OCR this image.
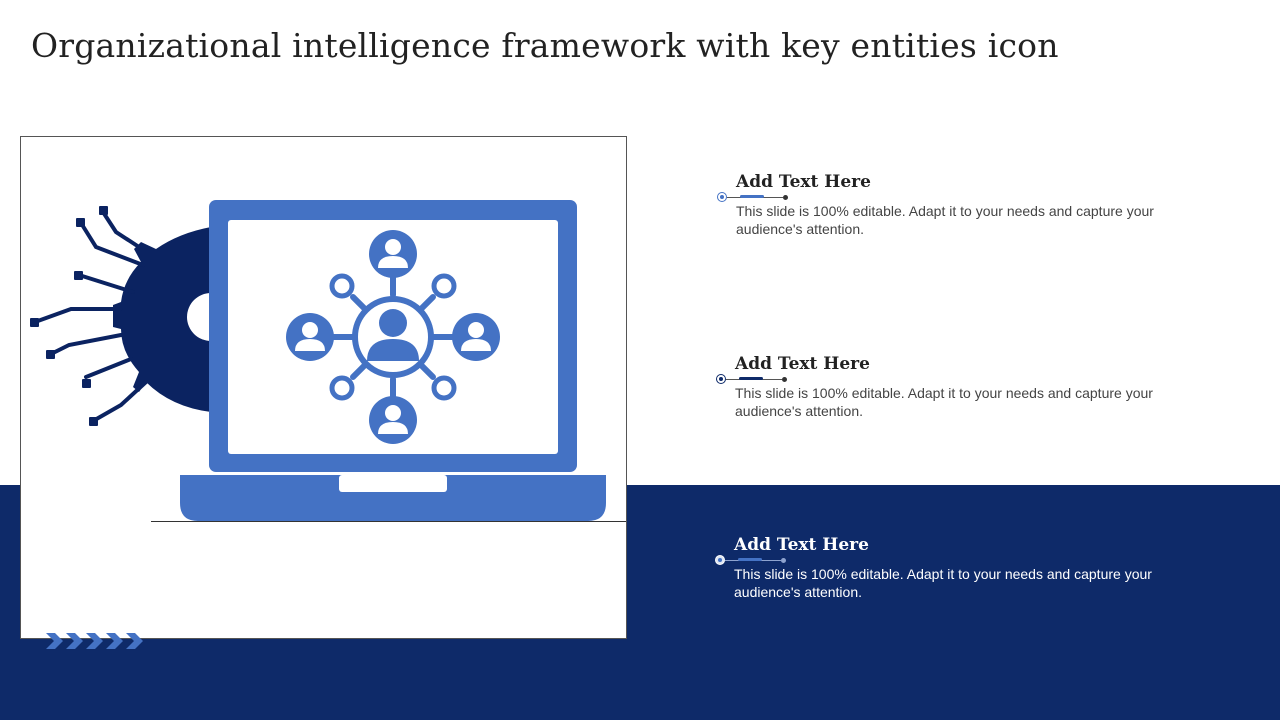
Organizational intelligence framework with key entities icon
Add Text Here

This slide is 100% editable. Adapt it to your needs and capture your audience's attention.

Add Text Here

This slide is 100% editable. Adapt it to your needs and capture your audience's attention.

Add Text Here

This slide is 100% editable. Adapt it to your needs and capture your audience's attention.
